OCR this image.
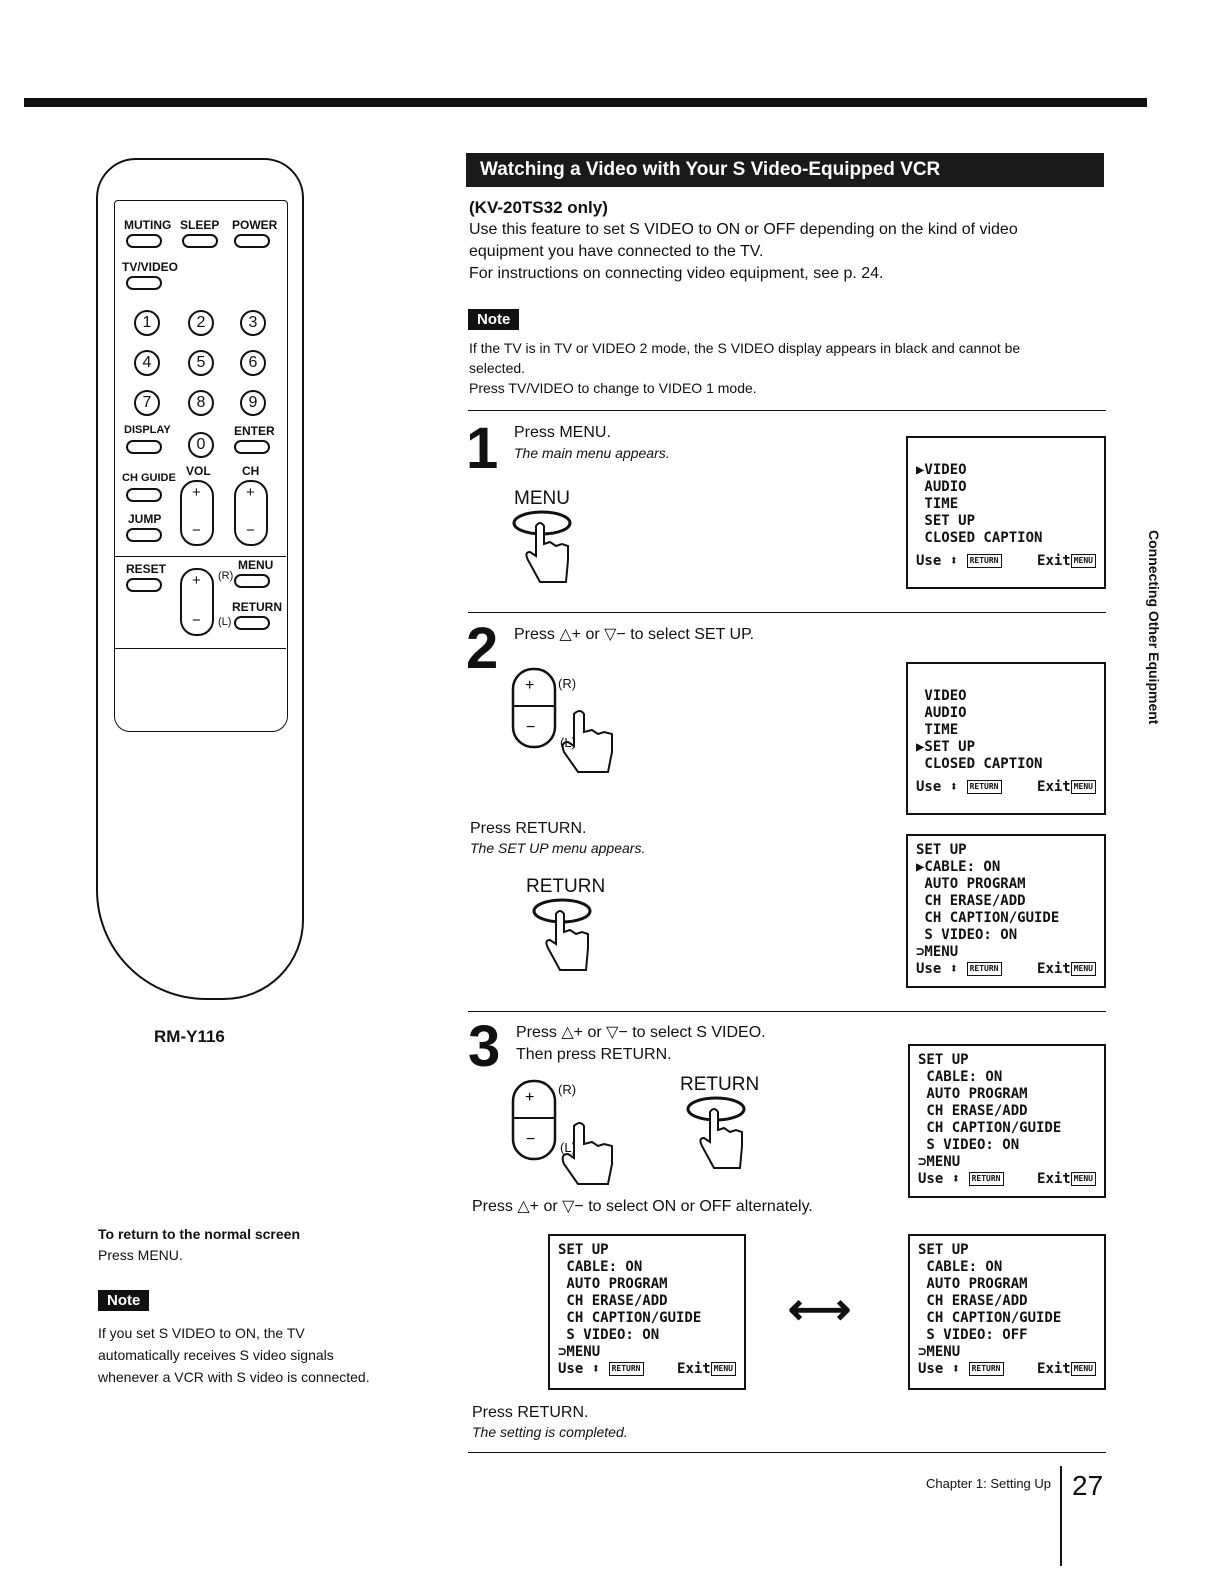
MUTING SLEEP POWER
TV/VIDEO
1	2	3
4	5	6
7	8	9
DISPLAY
0
ENTER
CH GUIDE VOL
+
−
CH
+
−
JUMP
RESET
+
−
(R)
(L)
MENU
RETURN
RM-Y116
Watching a Video with Your S Video-Equipped VCR
(KV-20TS32 only)
Use this feature to set S VIDEO to ON or OFF depending on the kind of video
equipment you have connected to the TV.
For instructions on connecting video equipment, see p. 24.
Note
If the TV is in TV or VIDEO 2 mode, the S VIDEO display appears in black and cannot be
selected.
Press TV/VIDEO to change to VIDEO 1 mode.
1 Press MENU.
The main menu appears.
MENU
▶VIDEO
AUDIO
TIME
SET UP
CLOSED CAPTION
Use ⬍ RETURN	Exit MENU
2 Press △+ or ▽− to select SET UP.
+
−
(R)
(L)
VIDEO
AUDIO
TIME
▶SET UP
CLOSED CAPTION
Use ⬍ RETURN	Exit MENU
Press RETURN.
The SET UP menu appears.
RETURN
SET UP
▶CABLE: ON
AUTO PROGRAM
CH ERASE/ADD
CH CAPTION/GUIDE
S VIDEO: ON
⊃MENU
Use ⬍ RETURN	Exit MENU
3 Press △+ or ▽− to select S VIDEO.
Then press RETURN.
+
−
(R)
(L)
RETURN
SET UP
CABLE: ON
AUTO PROGRAM
CH ERASE/ADD
CH CAPTION/GUIDE
S VIDEO: ON
⊃MENU
Use ⬍ RETURN	Exit MENU
Press △+ or ▽− to select ON or OFF alternately.
SET UP
CABLE: ON
AUTO PROGRAM
CH ERASE/ADD
CH CAPTION/GUIDE
S VIDEO: ON
⊃MENU
Use ⬍ RETURN	Exit MENU
⟷
SET UP
CABLE: ON
AUTO PROGRAM
CH ERASE/ADD
CH CAPTION/GUIDE
S VIDEO: OFF
⊃MENU
Use ⬍ RETURN	Exit MENU
Press RETURN.
The setting is completed.
To return to the normal screen
Press MENU.
Note
If you set S VIDEO to ON, the TV
automatically receives S video signals
whenever a VCR with S video is connected.
Connecting Other Equipment
Chapter 1: Setting Up 27
